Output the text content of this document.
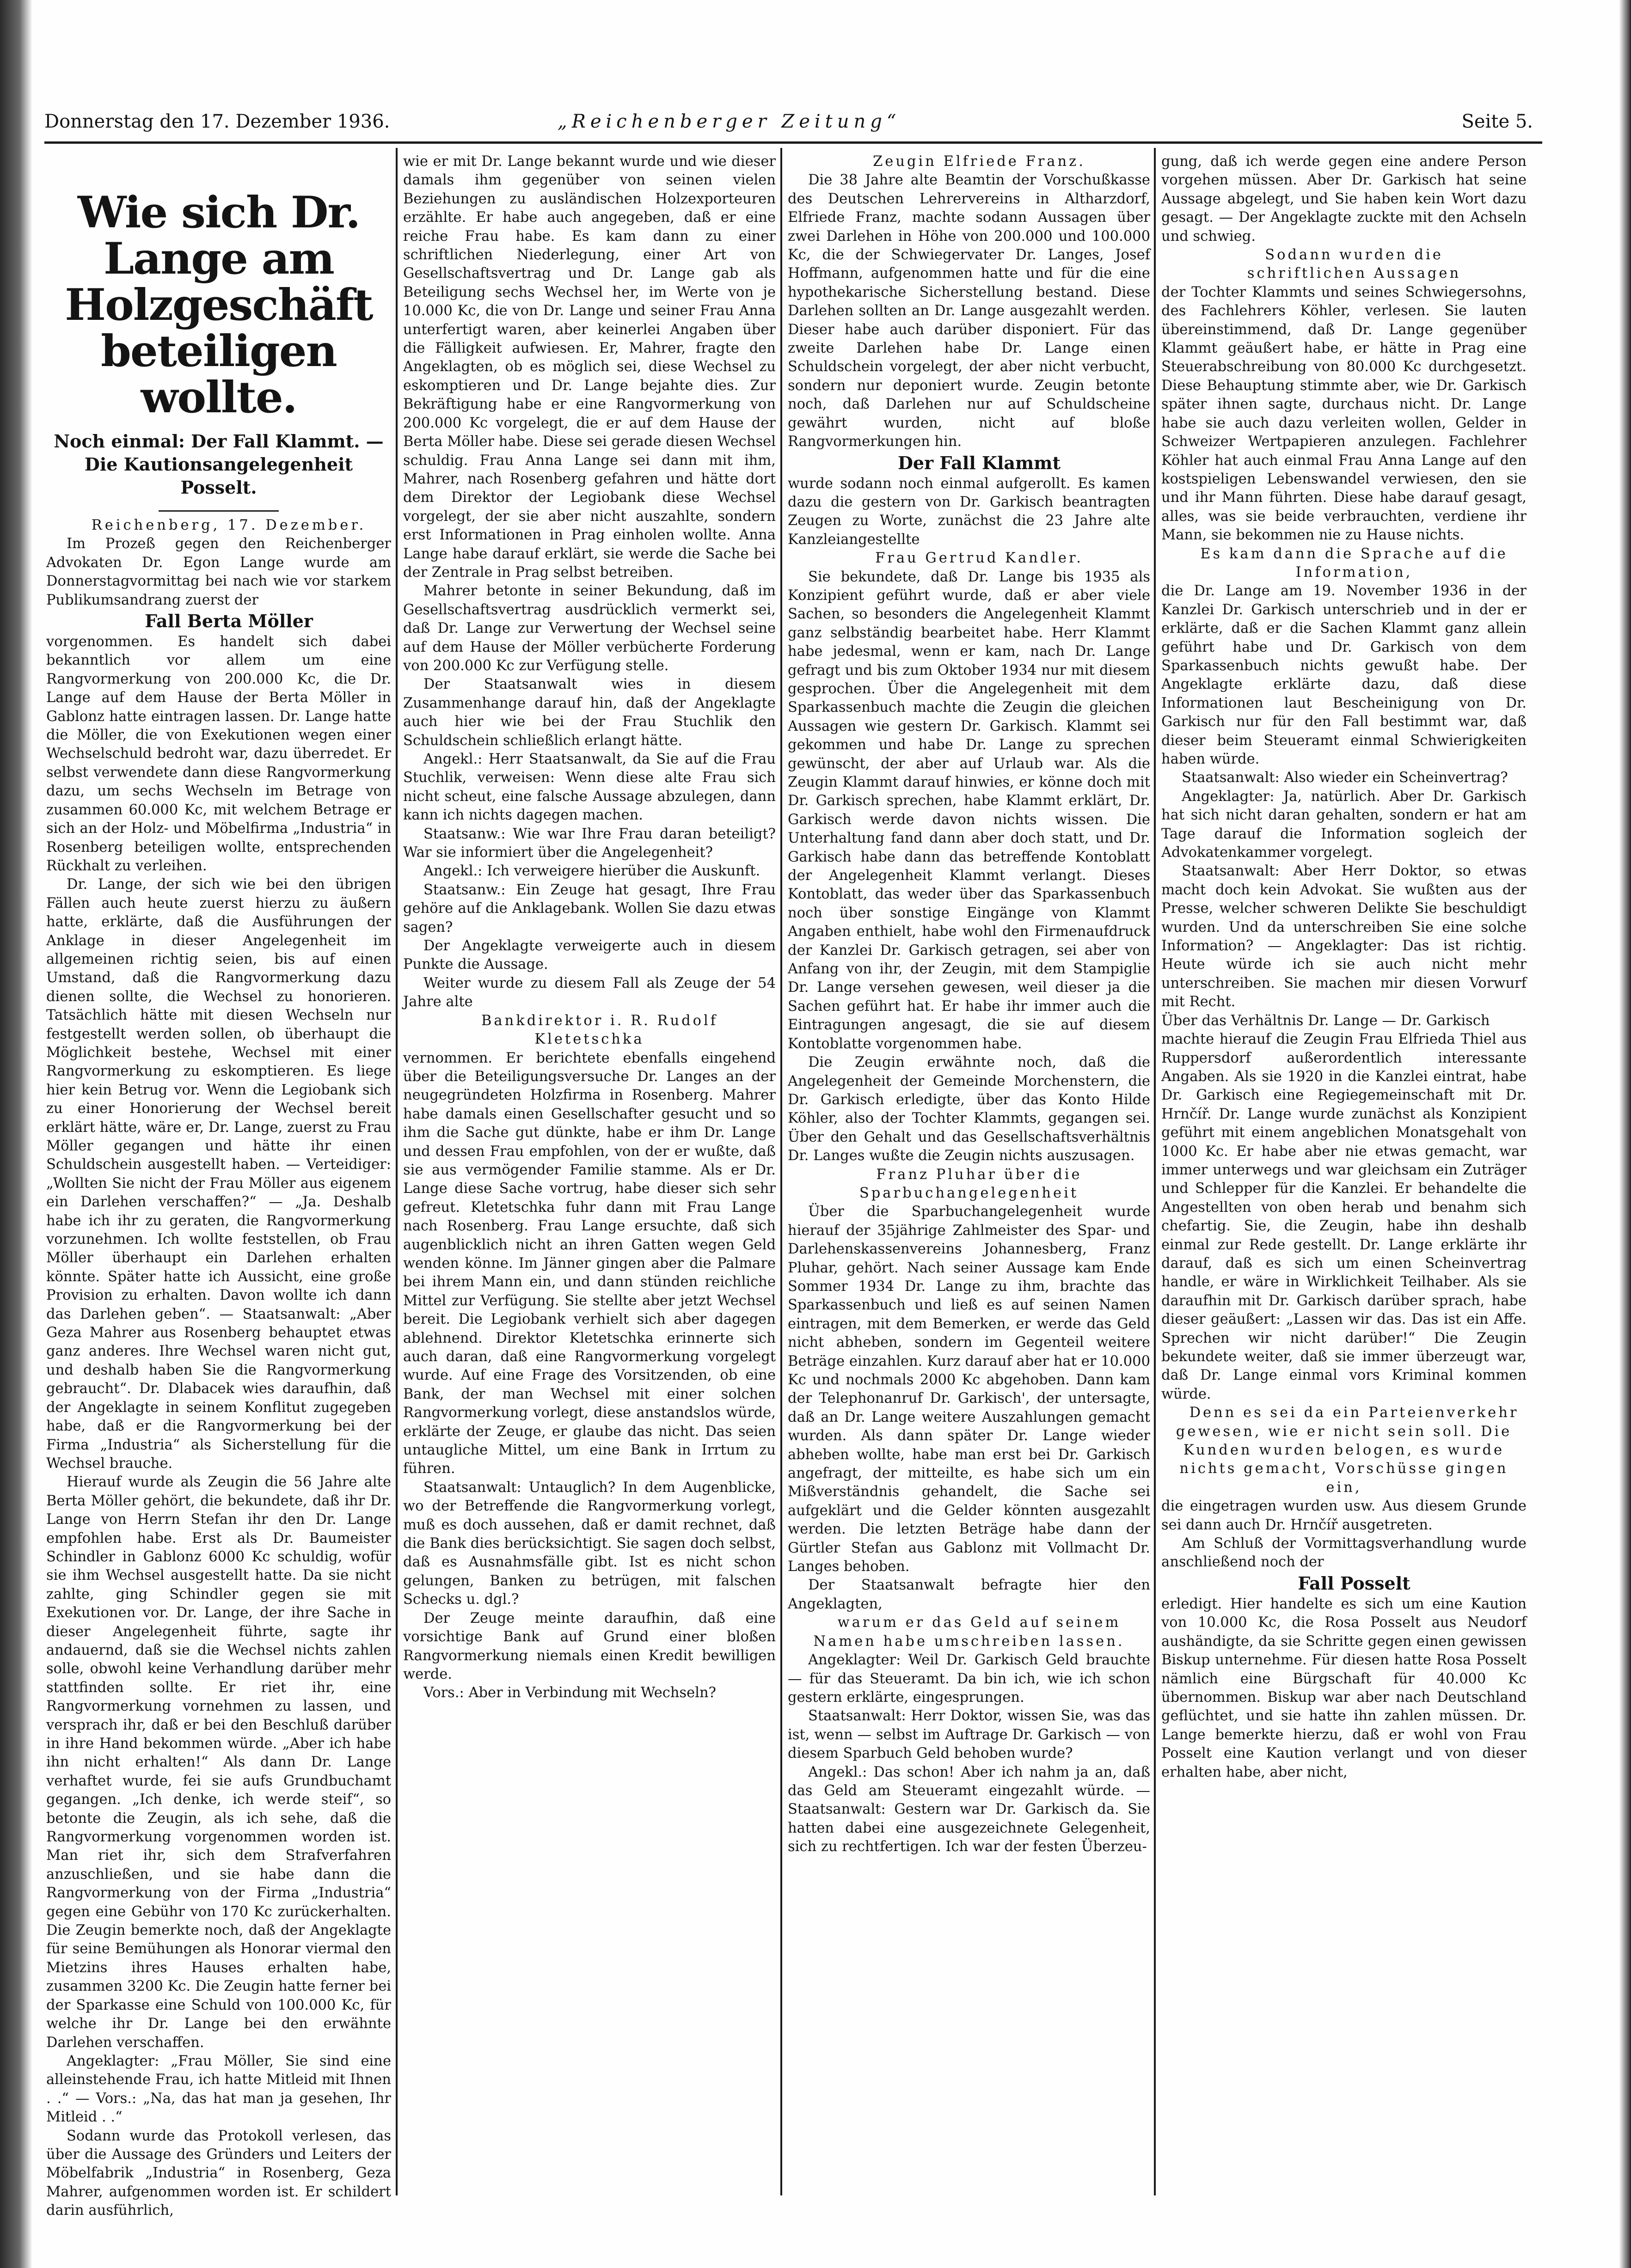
Donnerstag den 17. Dezember 1936.	„Reichenberger Zeitung“	Seite 5.
Wie sich Dr. Lange am Holzgeschäft beteiligen wollte.
Noch einmal: Der Fall Klammt. — Die Kautionsangelegenheit Posselt.

Reichenberg, 17. Dezember.

Im Prozeß gegen den Reichenberger Advokaten Dr. Egon Lange wurde am Donnerstagvormittag bei nach wie vor starkem Publikumsandrang zuerst der

Fall Berta Möller

vorgenommen. Es handelt sich dabei bekanntlich vor allem um eine Rangvormerkung von 200.000 Kc, die Dr. Lange auf dem Hause der Berta Möller in Gablonz hatte eintragen lassen. Dr. Lange hatte die Möller, die von Exekutionen wegen einer Wechselschuld bedroht war, dazu überredet. Er selbst verwendete dann diese Rangvormerkung dazu, um sechs Wechseln im Betrage von zusammen 60.000 Kc, mit welchem Betrage er sich an der Holz- und Möbelfirma „Industria“ in Rosenberg beteiligen wollte, entsprechenden Rückhalt zu verleihen.

Dr. Lange, der sich wie bei den übrigen Fällen auch heute zuerst hierzu zu äußern hatte, erklärte, daß die Ausführungen der Anklage in dieser Angelegenheit im allgemeinen richtig seien, bis auf einen Umstand, daß die Rangvormerkung dazu dienen sollte, die Wechsel zu honorieren. Tatsächlich hätte mit diesen Wechseln nur festgestellt werden sollen, ob überhaupt die Möglichkeit bestehe, Wechsel mit einer Rangvormerkung zu eskomptieren. Es liege hier kein Betrug vor. Wenn die Legiobank sich zu einer Honorierung der Wechsel bereit erklärt hätte, wäre er, Dr. Lange, zuerst zu Frau Möller gegangen und hätte ihr einen Schuldschein ausgestellt haben. — Verteidiger: „Wollten Sie nicht der Frau Möller aus eigenem ein Darlehen verschaffen?“ — „Ja. Deshalb habe ich ihr zu geraten, die Rangvormerkung vorzunehmen. Ich wollte feststellen, ob Frau Möller überhaupt ein Darlehen erhalten könnte. Später hatte ich Aussicht, eine große Provision zu erhalten. Davon wollte ich dann das Darlehen geben“. — Staatsanwalt: „Aber Geza Mahrer aus Rosenberg behauptet etwas ganz anderes. Ihre Wechsel waren nicht gut, und deshalb haben Sie die Rangvormerkung gebraucht“. Dr. Dlabacek wies daraufhin, daß der Angeklagte in seinem Konflitut zugegeben habe, daß er die Rangvormerkung bei der Firma „Industria“ als Sicherstellung für die Wechsel brauche.

Hierauf wurde als Zeugin die 56 Jahre alte Berta Möller gehört, die bekundete, daß ihr Dr. Lange von Herrn Stefan ihr den Dr. Lange empfohlen habe. Erst als Dr. Baumeister Schindler in Gablonz 6000 Kc schuldig, wofür sie ihm Wechsel ausgestellt hatte. Da sie nicht zahlte, ging Schindler gegen sie mit Exekutionen vor. Dr. Lange, der ihre Sache in dieser Angelegenheit führte, sagte ihr andauernd, daß sie die Wechsel nichts zahlen solle, obwohl keine Verhandlung darüber mehr stattfinden sollte. Er riet ihr, eine Rangvormerkung vornehmen zu lassen, und versprach ihr, daß er bei den Beschluß darüber in ihre Hand bekommen würde. „Aber ich habe ihn nicht erhalten!“ Als dann Dr. Lange verhaftet wurde, fei sie aufs Grundbuchamt gegangen. „Ich denke, ich werde steif“, so betonte die Zeugin, als ich sehe, daß die Rangvormerkung vorgenommen worden ist. Man riet ihr, sich dem Strafverfahren anzuschließen, und sie habe dann die Rangvormerkung von der Firma „Industria“ gegen eine Gebühr von 170 Kc zurückerhalten. Die Zeugin bemerkte noch, daß der Angeklagte für seine Bemühungen als Honorar viermal den Mietzins ihres Hauses erhalten habe, zusammen 3200 Kc. Die Zeugin hatte ferner bei der Sparkasse eine Schuld von 100.000 Kc, für welche ihr Dr. Lange bei den erwähnte Darlehen verschaffen.

Angeklagter: „Frau Möller, Sie sind eine alleinstehende Frau, ich hatte Mitleid mit Ihnen . .“ — Vors.: „Na, das hat man ja gesehen, Ihr Mitleid . .“

Sodann wurde das Protokoll verlesen, das über die Aussage des Gründers und Leiters der Möbelfabrik „Industria“ in Rosenberg, Geza Mahrer, aufgenommen worden ist. Er schildert darin ausführlich,

wie er mit Dr. Lange bekannt wurde und wie dieser damals ihm gegenüber von seinen vielen Beziehungen zu ausländischen Holzexporteuren erzählte. Er habe auch angegeben, daß er eine reiche Frau habe. Es kam dann zu einer schriftlichen Niederlegung, einer Art von Gesellschaftsvertrag und Dr. Lange gab als Beteiligung sechs Wechsel her, im Werte von je 10.000 Kc, die von Dr. Lange und seiner Frau Anna unterfertigt waren, aber keinerlei Angaben über die Fälligkeit aufwiesen. Er, Mahrer, fragte den Angeklagten, ob es möglich sei, diese Wechsel zu eskomptieren und Dr. Lange bejahte dies. Zur Bekräftigung habe er eine Rangvormerkung von 200.000 Kc vorgelegt, die er auf dem Hause der Berta Möller habe. Diese sei gerade diesen Wechsel schuldig. Frau Anna Lange sei dann mit ihm, Mahrer, nach Rosenberg gefahren und hätte dort dem Direktor der Legiobank diese Wechsel vorgelegt, der sie aber nicht auszahlte, sondern erst Informationen in Prag einholen wollte. Anna Lange habe darauf erklärt, sie werde die Sache bei der Zentrale in Prag selbst betreiben.

Mahrer betonte in seiner Bekundung, daß im Gesellschaftsvertrag ausdrücklich vermerkt sei, daß Dr. Lange zur Verwertung der Wechsel seine auf dem Hause der Möller verbücherte Forderung von 200.000 Kc zur Verfügung stelle.

Der Staatsanwalt wies in diesem Zusammenhange darauf hin, daß der Angeklagte auch hier wie bei der Frau Stuchlik den Schuldschein schließlich erlangt hätte.

Angekl.: Herr Staatsanwalt, da Sie auf die Frau Stuchlik, verweisen: Wenn diese alte Frau sich nicht scheut, eine falsche Aussage abzulegen, dann kann ich nichts dagegen machen.

Staatsanw.: Wie war Ihre Frau daran beteiligt? War sie informiert über die Angelegenheit?

Angekl.: Ich verweigere hierüber die Auskunft.

Staatsanw.: Ein Zeuge hat gesagt, Ihre Frau gehöre auf die Anklagebank. Wollen Sie dazu etwas sagen?

Der Angeklagte verweigerte auch in diesem Punkte die Aussage.

Weiter wurde zu diesem Fall als Zeuge der 54 Jahre alte

Bankdirektor i. R. Rudolf Kletetschka

vernommen. Er berichtete ebenfalls eingehend über die Beteiligungsversuche Dr. Langes an der neugegründeten Holzfirma in Rosenberg. Mahrer habe damals einen Gesellschafter gesucht und so ihm die Sache gut dünkte, habe er ihm Dr. Lange und dessen Frau empfohlen, von der er wußte, daß sie aus vermögender Familie stamme. Als er Dr. Lange diese Sache vortrug, habe dieser sich sehr gefreut. Kletetschka fuhr dann mit Frau Lange nach Rosenberg. Frau Lange ersuchte, daß sich augenblicklich nicht an ihren Gatten wegen Geld wenden könne. Im Jänner gingen aber die Palmare bei ihrem Mann ein, und dann stünden reichliche Mittel zur Verfügung. Sie stellte aber jetzt Wechsel bereit. Die Legiobank verhielt sich aber dagegen ablehnend. Direktor Kletetschka erinnerte sich auch daran, daß eine Rangvormerkung vorgelegt wurde. Auf eine Frage des Vorsitzenden, ob eine Bank, der man Wechsel mit einer solchen Rangvormerkung vorlegt, diese anstandslos würde, erklärte der Zeuge, er glaube das nicht. Das seien untaugliche Mittel, um eine Bank in Irrtum zu führen.

Staatsanwalt: Untauglich? In dem Augenblicke, wo der Betreffende die Rangvormerkung vorlegt, muß es doch aussehen, daß er damit rechnet, daß die Bank dies berücksichtigt. Sie sagen doch selbst, daß es Ausnahmsfälle gibt. Ist es nicht schon gelungen, Banken zu betrügen, mit falschen Schecks u. dgl.?

Der Zeuge meinte daraufhin, daß eine vorsichtige Bank auf Grund einer bloßen Rangvormerkung niemals einen Kredit bewilligen werde.

Vors.: Aber in Verbindung mit Wechseln?

Zeugin Elfriede Franz.

Die 38 Jahre alte Beamtin der Vorschußkasse des Deutschen Lehrervereins in Altharzdorf, Elfriede Franz, machte sodann Aussagen über zwei Darlehen in Höhe von 200.000 und 100.000 Kc, die der Schwiegervater Dr. Langes, Josef Hoffmann, aufgenommen hatte und für die eine hypothekarische Sicherstellung bestand. Diese Darlehen sollten an Dr. Lange ausgezahlt werden. Dieser habe auch darüber disponiert. Für das zweite Darlehen habe Dr. Lange einen Schuldschein vorgelegt, der aber nicht verbucht, sondern nur deponiert wurde. Zeugin betonte noch, daß Darlehen nur auf Schuldscheine gewährt wurden, nicht auf bloße Rangvormerkungen hin.

Der Fall Klammt

wurde sodann noch einmal aufgerollt. Es kamen dazu die gestern von Dr. Garkisch beantragten Zeugen zu Worte, zunächst die 23 Jahre alte Kanzleiangestellte

Frau Gertrud Kandler.

Sie bekundete, daß Dr. Lange bis 1935 als Konzipient geführt wurde, daß er aber viele Sachen, so besonders die Angelegenheit Klammt ganz selbständig bearbeitet habe. Herr Klammt habe jedesmal, wenn er kam, nach Dr. Lange gefragt und bis zum Oktober 1934 nur mit diesem gesprochen. Über die Angelegenheit mit dem Sparkassenbuch machte die Zeugin die gleichen Aussagen wie gestern Dr. Garkisch. Klammt sei gekommen und habe Dr. Lange zu sprechen gewünscht, der aber auf Urlaub war. Als die Zeugin Klammt darauf hinwies, er könne doch mit Dr. Garkisch sprechen, habe Klammt erklärt, Dr. Garkisch werde davon nichts wissen. Die Unterhaltung fand dann aber doch statt, und Dr. Garkisch habe dann das betreffende Kontoblatt der Angelegenheit Klammt verlangt. Dieses Kontoblatt, das weder über das Sparkassenbuch noch über sonstige Eingänge von Klammt Angaben enthielt, habe wohl den Firmenaufdruck der Kanzlei Dr. Garkisch getragen, sei aber von Anfang von ihr, der Zeugin, mit dem Stampiglie Dr. Lange versehen gewesen, weil dieser ja die Sachen geführt hat. Er habe ihr immer auch die Eintragungen angesagt, die sie auf diesem Kontoblatte vorgenommen habe.

Die Zeugin erwähnte noch, daß die Angelegenheit der Gemeinde Morchenstern, die Dr. Garkisch erledigte, über das Konto Hilde Köhler, also der Tochter Klammts, gegangen sei. Über den Gehalt und das Gesellschaftsverhältnis Dr. Langes wußte die Zeugin nichts auszusagen.

Franz Pluhar über die Sparbuchangelegenheit

Über die Sparbuchangelegenheit wurde hierauf der 35jährige Zahlmeister des Spar- und Darlehenskassenvereins Johannesberg, Franz Pluhar, gehört. Nach seiner Aussage kam Ende Sommer 1934 Dr. Lange zu ihm, brachte das Sparkassenbuch und ließ es auf seinen Namen eintragen, mit dem Bemerken, er werde das Geld nicht abheben, sondern im Gegenteil weitere Beträge einzahlen. Kurz darauf aber hat er 10.000 Kc und nochmals 2000 Kc abgehoben. Dann kam der Telephonanruf Dr. Garkisch', der untersagte, daß an Dr. Lange weitere Auszahlungen gemacht wurden. Als dann später Dr. Lange wieder abheben wollte, habe man erst bei Dr. Garkisch angefragt, der mitteilte, es habe sich um ein Mißverständnis gehandelt, die Sache sei aufgeklärt und die Gelder könnten ausgezahlt werden. Die letzten Beträge habe dann der Gürtler Stefan aus Gablonz mit Vollmacht Dr. Langes behoben.

Der Staatsanwalt befragte hier den Angeklagten,

warum er das Geld auf seinem Namen habe umschreiben lassen.

Angeklagter: Weil Dr. Garkisch Geld brauchte — für das Steueramt. Da bin ich, wie ich schon gestern erklärte, eingesprungen.

Staatsanwalt: Herr Doktor, wissen Sie, was das ist, wenn — selbst im Auftrage Dr. Garkisch — von diesem Sparbuch Geld behoben wurde?

Angekl.: Das schon! Aber ich nahm ja an, daß das Geld am Steueramt eingezahlt würde. — Staatsanwalt: Gestern war Dr. Garkisch da. Sie hatten dabei eine ausgezeichnete Gelegenheit, sich zu rechtfertigen. Ich war der festen Überzeu-

gung, daß ich werde gegen eine andere Person vorgehen müssen. Aber Dr. Garkisch hat seine Aussage abgelegt, und Sie haben kein Wort dazu gesagt. — Der Angeklagte zuckte mit den Achseln und schwieg.

Sodann wurden die

schriftlichen Aussagen

der Tochter Klammts und seines Schwiegersohns, des Fachlehrers Köhler, verlesen. Sie lauten übereinstimmend, daß Dr. Lange gegenüber Klammt geäußert habe, er hätte in Prag eine Steuerabschreibung von 80.000 Kc durchgesetzt. Diese Behauptung stimmte aber, wie Dr. Garkisch später ihnen sagte, durchaus nicht. Dr. Lange habe sie auch dazu verleiten wollen, Gelder in Schweizer Wertpapieren anzulegen. Fachlehrer Köhler hat auch einmal Frau Anna Lange auf den kostspieligen Lebenswandel verwiesen, den sie und ihr Mann führten. Diese habe darauf gesagt, alles, was sie beide verbrauchten, verdiene ihr Mann, sie bekommen nie zu Hause nichts.

Es kam dann die Sprache auf die

Information,

die Dr. Lange am 19. November 1936 in der Kanzlei Dr. Garkisch unterschrieb und in der er erklärte, daß er die Sachen Klammt ganz allein geführt habe und Dr. Garkisch von dem Sparkassenbuch nichts gewußt habe. Der Angeklagte erklärte dazu, daß diese Informationen laut Bescheinigung von Dr. Garkisch nur für den Fall bestimmt war, daß dieser beim Steueramt einmal Schwierigkeiten haben würde.

Staatsanwalt: Also wieder ein Scheinvertrag?

Angeklagter: Ja, natürlich. Aber Dr. Garkisch hat sich nicht daran gehalten, sondern er hat am Tage darauf die Information sogleich der Advokatenkammer vorgelegt.

Staatsanwalt: Aber Herr Doktor, so etwas macht doch kein Advokat. Sie wußten aus der Presse, welcher schweren Delikte Sie beschuldigt wurden. Und da unterschreiben Sie eine solche Information? — Angeklagter: Das ist richtig. Heute würde ich sie auch nicht mehr unterschreiben. Sie machen mir diesen Vorwurf mit Recht.

Über das Verhältnis Dr. Lange — Dr. Garkisch

machte hierauf die Zeugin Frau Elfrieda Thiel aus Ruppersdorf außerordentlich interessante Angaben. Als sie 1920 in die Kanzlei eintrat, habe Dr. Garkisch eine Regiegemeinschaft mit Dr. Hrnčíř. Dr. Lange wurde zunächst als Konzipient geführt mit einem angeblichen Monatsgehalt von 1000 Kc. Er habe aber nie etwas gemacht, war immer unterwegs und war gleichsam ein Zuträger und Schlepper für die Kanzlei. Er behandelte die Angestellten von oben herab und benahm sich chefartig. Sie, die Zeugin, habe ihn deshalb einmal zur Rede gestellt. Dr. Lange erklärte ihr darauf, daß es sich um einen Scheinvertrag handle, er wäre in Wirklichkeit Teilhaber. Als sie daraufhin mit Dr. Garkisch darüber sprach, habe dieser geäußert: „Lassen wir das. Das ist ein Affe. Sprechen wir nicht darüber!“ Die Zeugin bekundete weiter, daß sie immer überzeugt war, daß Dr. Lange einmal vors Kriminal kommen würde.

Denn es sei da ein Parteienverkehr gewesen, wie er nicht sein soll. Die Kunden wurden belogen, es wurde nichts gemacht, Vorschüsse gingen ein,

die eingetragen wurden usw. Aus diesem Grunde sei dann auch Dr. Hrnčíř ausgetreten.

Am Schluß der Vormittagsverhandlung wurde anschließend noch der

Fall Posselt

erledigt. Hier handelte es sich um eine Kaution von 10.000 Kc, die Rosa Posselt aus Neudorf aushändigte, da sie Schritte gegen einen gewissen Biskup unternehme. Für diesen hatte Rosa Posselt nämlich eine Bürgschaft für 40.000 Kc übernommen. Biskup war aber nach Deutschland geflüchtet, und sie hatte ihn zahlen müssen. Dr. Lange bemerkte hierzu, daß er wohl von Frau Posselt eine Kaution verlangt und von dieser erhalten habe, aber nicht,
